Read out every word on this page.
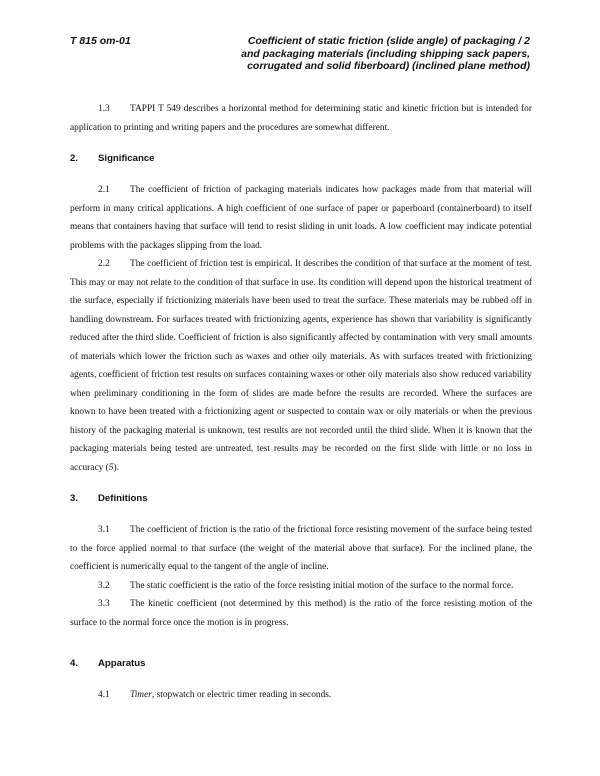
T 815 om-01	Coefficient of static friction (slide angle) of packaging / 2
and packaging materials (including shipping sack papers,
corrugated and solid fiberboard) (inclined plane method)

1.3 TAPPI T 549 describes a horizontal method for determining static and kinetic friction but is intended for application to printing and writing papers and the procedures are somewhat different.

2. Significance

2.1 The coefficient of friction of packaging materials indicates how packages made from that material will perform in many critical applications. A high coefficient of one surface of paper or paperboard (containerboard) to itself means that containers having that surface will tend to resist sliding in unit loads. A low coefficient may indicate potential problems with the packages slipping from the load.

2.2 The coefficient of friction test is empirical. It describes the condition of that surface at the moment of test. This may or may not relate to the condition of that surface in use. Its condition will depend upon the historical treatment of the surface, especially if frictionizing materials have been used to treat the surface. These materials may be rubbed off in handling downstream. For surfaces treated with frictionizing agents, experience has shown that variability is significantly reduced after the third slide. Coefficient of friction is also significantly affected by contamination with very small amounts of materials which lower the friction such as waxes and other oily materials. As with surfaces treated with frictionizing agents, coefficient of friction test results on surfaces containing waxes or other oily materials also show reduced variability when preliminary conditioning in the form of slides are made before the results are recorded. Where the surfaces are known to have been treated with a frictionizing agent or suspected to contain wax or oily materials or when the previous history of the packaging material is unknown, test results are not recorded until the third slide. When it is known that the packaging materials being tested are untreated, test results may be recorded on the first slide with little or no loss in accuracy (5).

3. Definitions

3.1 The coefficient of friction is the ratio of the frictional force resisting movement of the surface being tested to the force applied normal to that surface (the weight of the material above that surface). For the inclined plane, the coefficient is numerically equal to the tangent of the angle of incline.

3.2 The static coefficient is the ratio of the force resisting initial motion of the surface to the normal force.

3.3 The kinetic coefficient (not determined by this method) is the ratio of the force resisting motion of the surface to the normal force once the motion is in progress.

4. Apparatus

4.1 Timer, stopwatch or electric timer reading in seconds.
